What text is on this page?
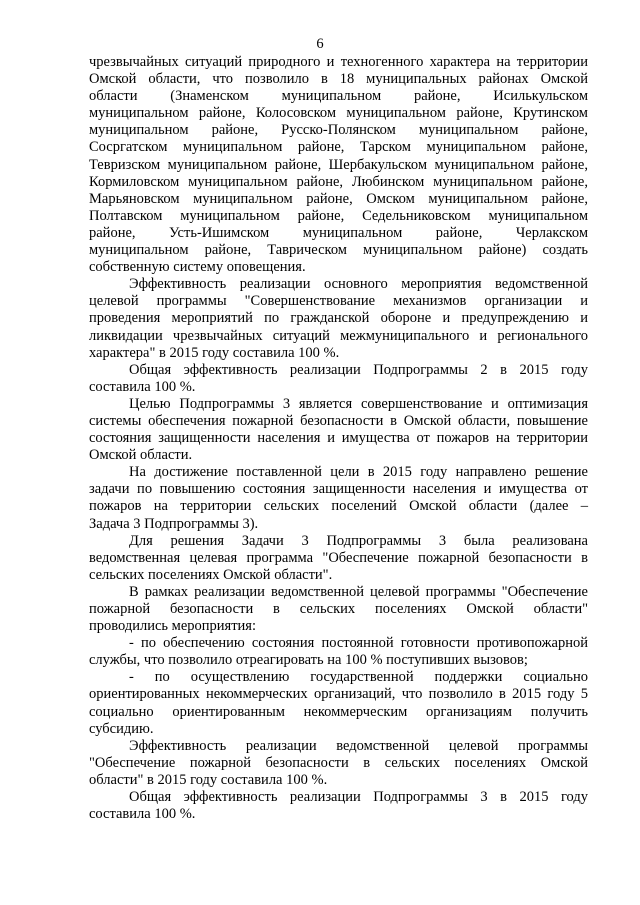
6
чрезвычайных ситуаций природного и техногенного характера на территории
Омской области, что позволило в 18 муниципальных районах Омской
области (Знаменском муниципальном районе, Исилькульском
муниципальном районе, Колосовском муниципальном районе, Крутинском
муниципальном районе, Русско-Полянском муниципальном районе,
Сосргатском муниципальном районе, Тарском муниципальном районе,
Тевризском муниципальном районе, Шербакульском муниципальном районе,
Кормиловском муниципальном районе, Любинском муниципальном районе,
Марьяновском муниципальном районе, Омском муниципальном районе,
Полтавском муниципальном районе, Седельниковском муниципальном
районе, Усть-Ишимском муниципальном районе, Черлакском
муниципальном районе, Таврическом муниципальном районе) создать
собственную систему оповещения.
Эффективность реализации основного мероприятия ведомственной
целевой программы "Совершенствование механизмов организации и
проведения мероприятий по гражданской обороне и предупреждению и
ликвидации чрезвычайных ситуаций межмуниципального и регионального
характера" в 2015 году составила 100 %.
Общая эффективность реализации Подпрограммы 2 в 2015 году
составила 100 %.
Целью Подпрограммы 3 является совершенствование и оптимизация
системы обеспечения пожарной безопасности в Омской области, повышение
состояния защищенности населения и имущества от пожаров на территории
Омской области.
На достижение поставленной цели в 2015 году направлено решение
задачи по повышению состояния защищенности населения и имущества от
пожаров на территории сельских поселений Омской области (далее –
Задача 3 Подпрограммы 3).
Для решения Задачи 3 Подпрограммы 3 была реализована
ведомственная целевая программа "Обеспечение пожарной безопасности в
сельских поселениях Омской области".
В рамках реализации ведомственной целевой программы "Обеспечение
пожарной безопасности в сельских поселениях Омской области"
проводились мероприятия:
- по обеспечению состояния постоянной готовности противопожарной
службы, что позволило отреагировать на 100 % поступивших вызовов;
- по осуществлению государственной поддержки социально
ориентированных некоммерческих организаций, что позволило в 2015 году 5
социально ориентированным некоммерческим организациям получить
субсидию.
Эффективность реализации ведомственной целевой программы
"Обеспечение пожарной безопасности в сельских поселениях Омской
области" в 2015 году составила 100 %.
Общая эффективность реализации Подпрограммы 3 в 2015 году
составила 100 %.
